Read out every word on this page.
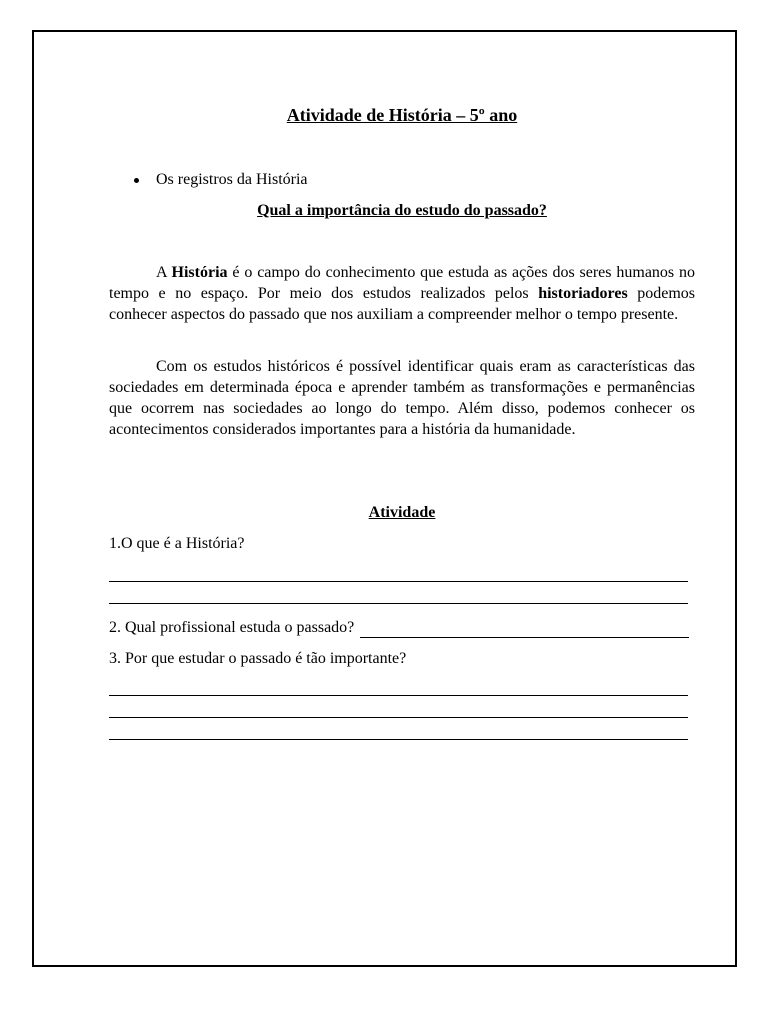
Atividade de História – 5º ano

Os registros da História

Qual a importância do estudo do passado?

A História é o campo do conhecimento que estuda as ações dos seres humanos no tempo e no espaço. Por meio dos estudos realizados pelos historiadores podemos conhecer aspectos do passado que nos auxiliam a compreender melhor o tempo presente.

Com os estudos históricos é possível identificar quais eram as características das sociedades em determinada época e aprender também as transformações e permanências que ocorrem nas sociedades ao longo do tempo. Além disso, podemos conhecer os acontecimentos considerados importantes para a história da humanidade.

Atividade

1.O que é a História?

2. Qual profissional estuda o passado?

3. Por que estudar o passado é tão importante?
